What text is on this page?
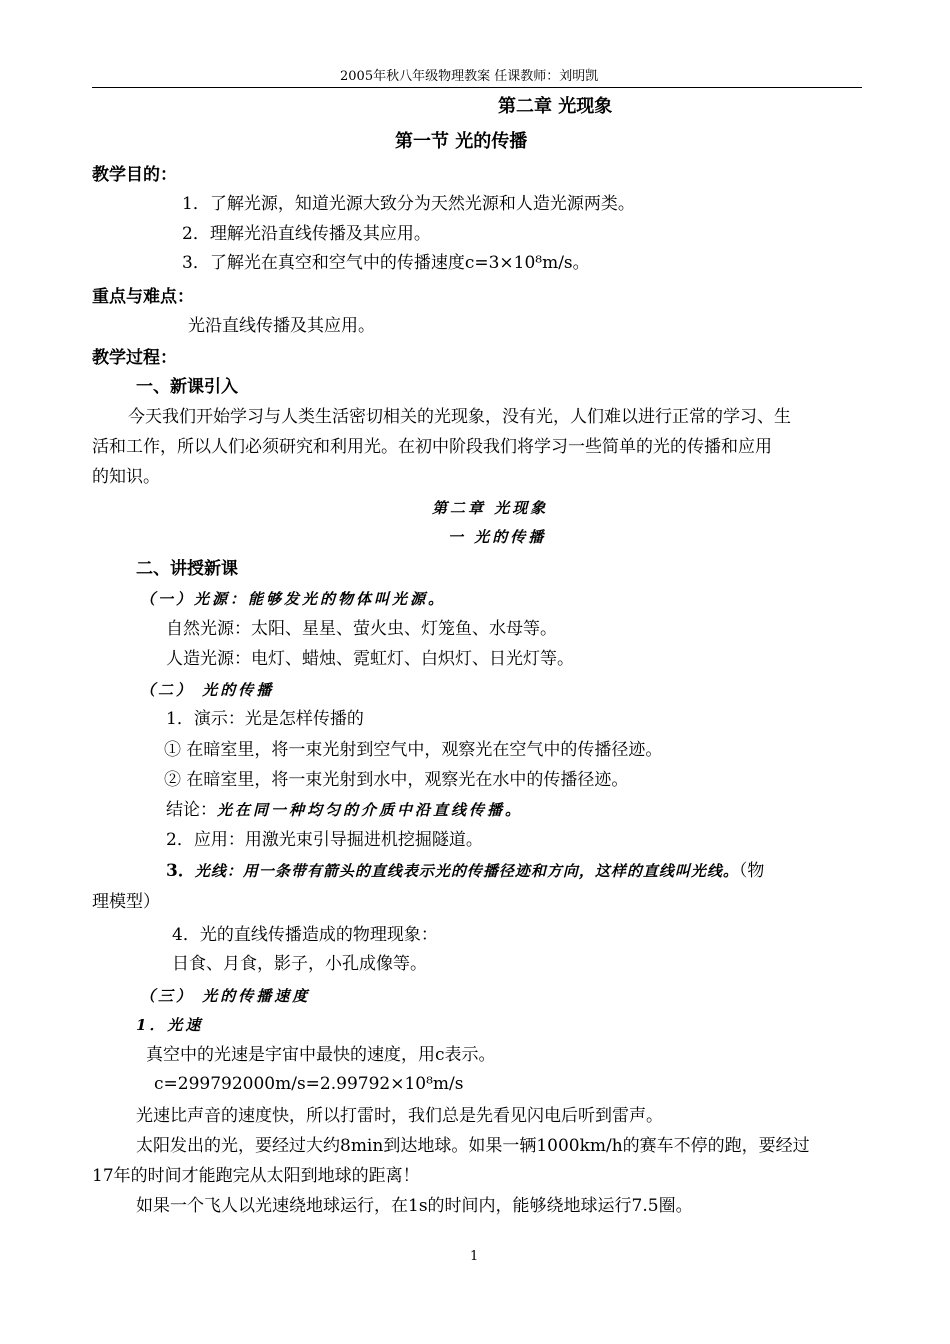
2005年秋八年级物理教案 任课教师：刘明凯
第二章 光现象
第一节 光的传播
教学目的：
1．了解光源，知道光源大致分为天然光源和人造光源两类。
2．理解光沿直线传播及其应用。
3．了解光在真空和空气中的传播速度c=3×10⁸m/s。
重点与难点：
光沿直线传播及其应用。
教学过程：
一、新课引入
今天我们开始学习与人类生活密切相关的光现象，没有光，人们难以进行正常的学习、生
活和工作，所以人们必须研究和利用光。在初中阶段我们将学习一些简单的光的传播和应用
的知识。
第二章 光现象
一 光的传播
二、讲授新课
（一）光源：能够发光的物体叫光源。
自然光源：太阳、星星、萤火虫、灯笼鱼、水母等。
人造光源：电灯、蜡烛、霓虹灯、白炽灯、日光灯等。
（二） 光的传播
1．演示：光是怎样传播的
① 在暗室里，将一束光射到空气中，观察光在空气中的传播径迹。
② 在暗室里，将一束光射到水中，观察光在水中的传播径迹。
结论：光在同一种均匀的介质中沿直线传播。
2．应用：用激光束引导掘进机挖掘隧道。
3．光线：用一条带有箭头的直线表示光的传播径迹和方向，这样的直线叫光线。（物
理模型）
4．光的直线传播造成的物理现象：
日食、月食，影子，小孔成像等。
（三） 光的传播速度
1．光速
真空中的光速是宇宙中最快的速度，用c表示。
c=299792000m/s=2.99792×10⁸m/s
光速比声音的速度快，所以打雷时，我们总是先看见闪电后听到雷声。
太阳发出的光，要经过大约8min到达地球。如果一辆1000km/h的赛车不停的跑，要经过
17年的时间才能跑完从太阳到地球的距离！
如果一个飞人以光速绕地球运行，在1s的时间内，能够绕地球运行7.5圈。
1
